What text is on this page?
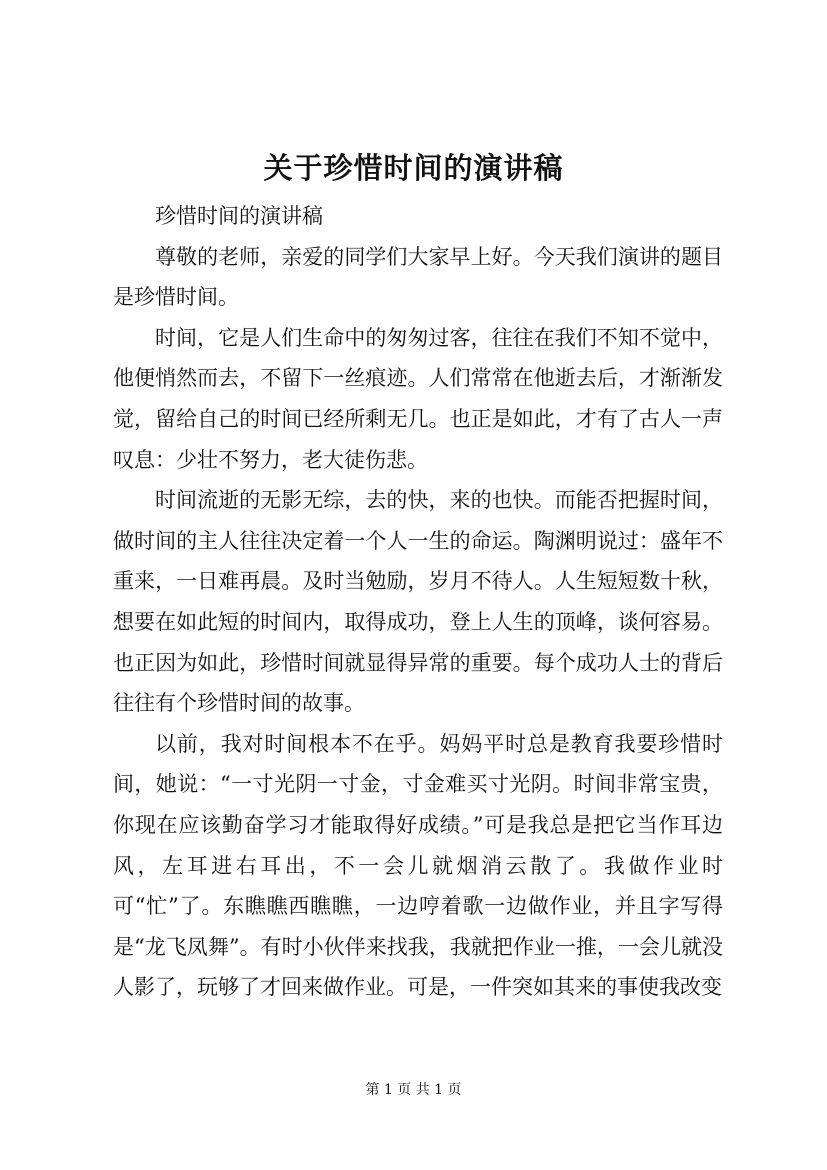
关于珍惜时间的演讲稿

珍惜时间的演讲稿

尊敬的老师，亲爱的同学们大家早上好。今天我们演讲的题目是珍惜时间。

时间，它是人们生命中的匆匆过客，往往在我们不知不觉中，他便悄然而去，不留下一丝痕迹。人们常常在他逝去后，才渐渐发觉，留给自己的时间已经所剩无几。也正是如此，才有了古人一声叹息：少壮不努力，老大徒伤悲。

时间流逝的无影无综，去的快，来的也快。而能否把握时间，做时间的主人往往决定着一个人一生的命运。陶渊明说过：盛年不重来，一日难再晨。及时当勉励，岁月不待人。人生短短数十秋，想要在如此短的时间内，取得成功，登上人生的顶峰，谈何容易。也正因为如此，珍惜时间就显得异常的重要。每个成功人士的背后往往有个珍惜时间的故事。

以前，我对时间根本不在乎。妈妈平时总是教育我要珍惜时间，她说：“一寸光阴一寸金，寸金难买寸光阴。时间非常宝贵，你现在应该勤奋学习才能取得好成绩。”可是我总是把它当作耳边风，左耳进右耳出，不一会儿就烟消云散了。我做作业时可“忙”了。东瞧瞧西瞧瞧，一边哼着歌一边做作业，并且字写得是“龙飞凤舞”。有时小伙伴来找我，我就把作业一推，一会儿就没人影了，玩够了才回来做作业。可是，一件突如其来的事使我改变

第 1 页 共 1 页
